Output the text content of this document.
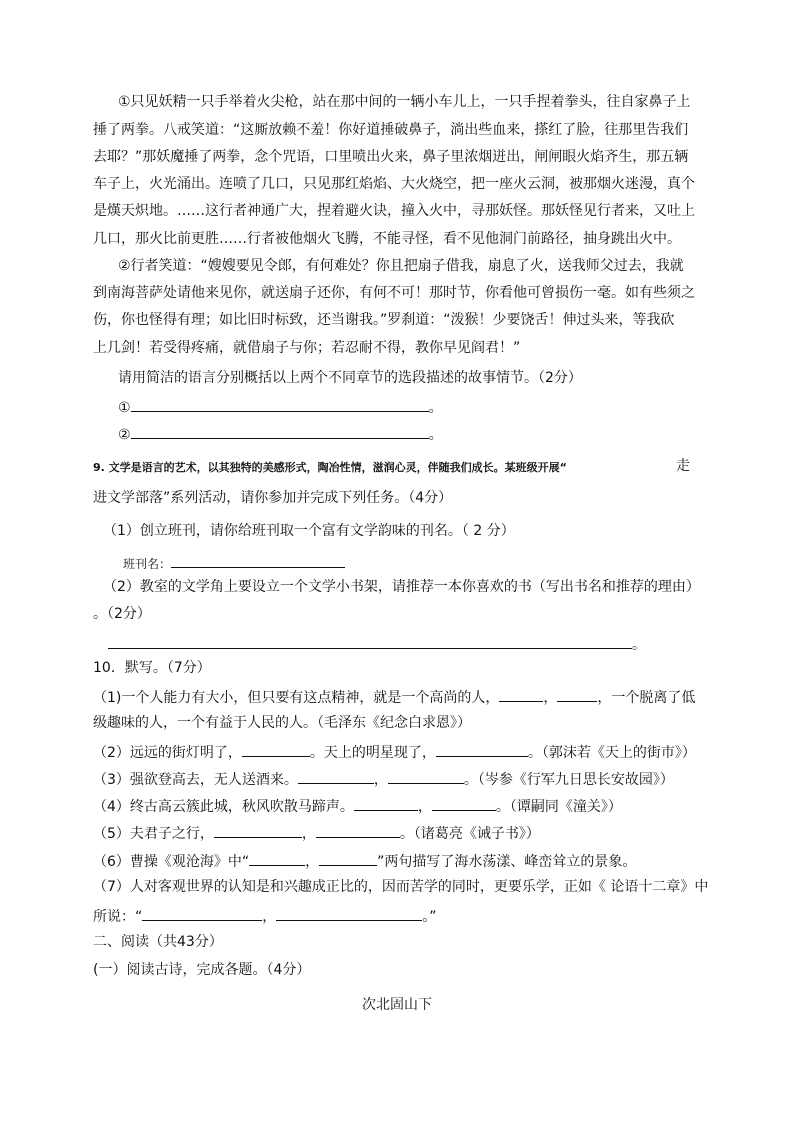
①只见妖精一只手举着火尖枪，站在那中间的一辆小车儿上，一只手捏着拳头，往自家鼻子上
捶了两拳。八戒笑道：“这厮放赖不羞！你好道捶破鼻子，淌出些血来，搽红了脸，往那里告我们
去耶？”那妖魔捶了两拳，念个咒语，口里喷出火来，鼻子里浓烟迸出，闸闸眼火焰齐生，那五辆
车子上，火光涌出。连喷了几口，只见那红焰焰、大火烧空，把一座火云洞，被那烟火迷漫，真个
是熯天炽地。……这行者神通广大，捏着避火诀，撞入火中，寻那妖怪。那妖怪见行者来，又吐上
几口，那火比前更胜……行者被他烟火飞腾，不能寻怪，看不见他洞门前路径，抽身跳出火中。
②行者笑道：“嫂嫂要见令郎，有何难处？你且把扇子借我，扇息了火，送我师父过去，我就
到南海菩萨处请他来见你，就送扇子还你，有何不可！那时节，你看他可曾损伤一毫。如有些须之
伤，你也怪得有理；如比旧时标致，还当谢我。”罗刹道：“泼猴！少要饶舌！伸过头来，等我砍
上几剑！若受得疼痛，就借扇子与你；若忍耐不得，教你早见阎君！”
请用简洁的语言分别概括以上两个不同章节的选段描述的故事情节。（2分）
①	。
②	。
9. 文学是语言的艺术，以其独特的美感形式，陶冶性情，滋润心灵，伴随我们成长。某班级开展“	走
进文学部落”系列活动，请你参加并完成下列任务。（4分）
（1）创立班刊，请你给班刊取一个富有文学韵味的刊名。（ 2 分）
班刊名：
（2）教室的文学角上要设立一个文学小书架，请推荐一本你喜欢的书（写出书名和推荐的理由）
。（2分）
。
10．默写。（7分）
（1)一个人能力有大小，但只要有这点精神，就是一个高尚的人，	，	，一个脱离了低
级趣味的人，一个有益于人民的人。（毛泽东《纪念白求恩》）
（2）远远的街灯明了，	。天上的明星现了，	。（郭沫若《天上的街市》）
（3）强欲登高去，无人送酒来。	，	。（岑参《行军九日思长安故园》）
（4）终古高云簇此城，秋风吹散马蹄声。	，	。（谭嗣同《潼关》）
（5）夫君子之行，	，	。（诸葛亮《诫子书》）
（6）曹操《观沧海》中“	，	”两句描写了海水荡漾、峰峦耸立的景象。
（7）人对客观世界的认知是和兴趣成正比的，因而苦学的同时，更要乐学，正如《 论语十二章》中
所说：“	，	。”
二、阅读（共43分）
(一）阅读古诗，完成各题。（4分）
次北固山下
